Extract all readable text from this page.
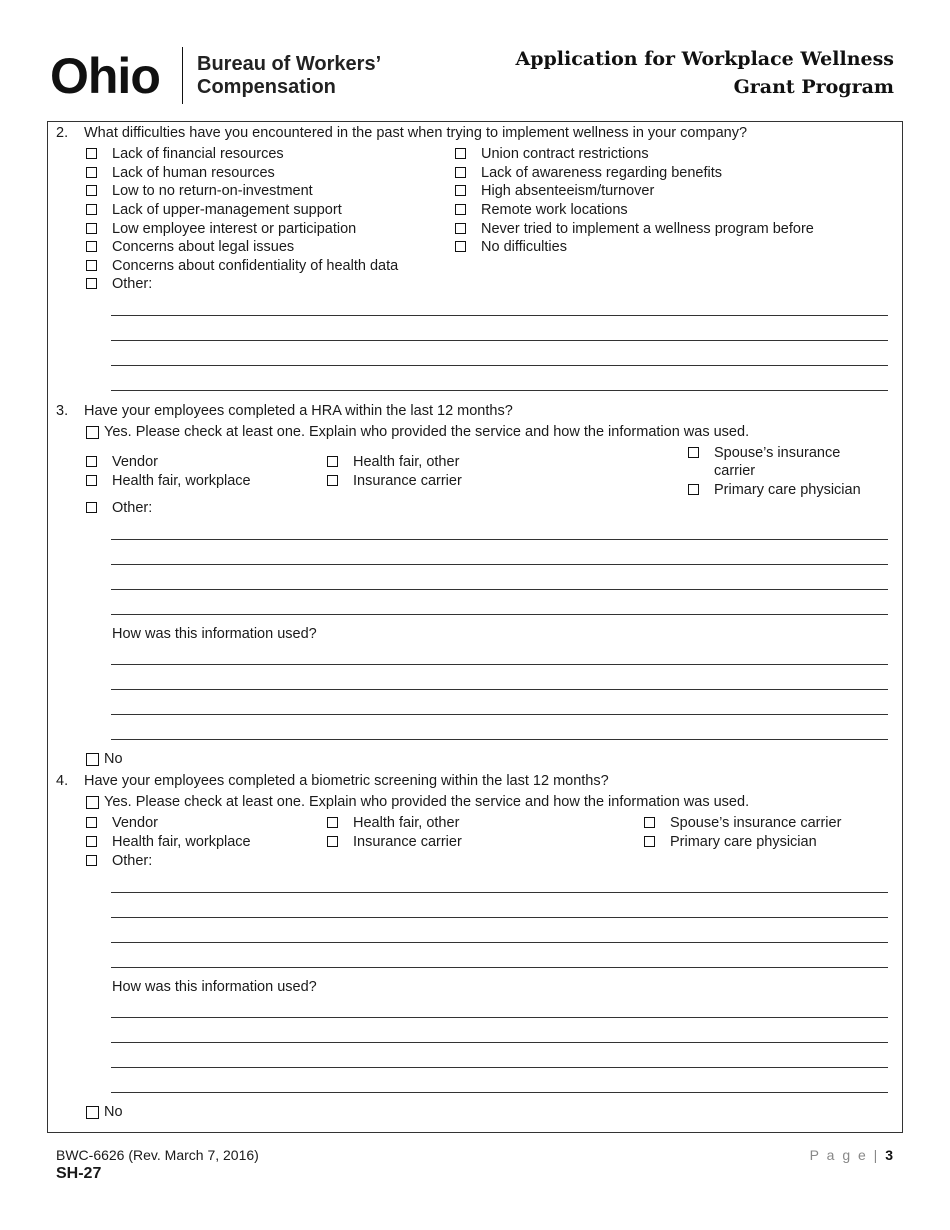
Ohio Bureau of Workers’
Compensation
Application for Workplace Wellness
Grant Program
2. What difficulties have you encountered in the past when trying to implement wellness in your company?
Lack of financial resources
Lack of human resources
Low to no return-on-investment
Lack of upper-management support
Low employee interest or participation
Concerns about legal issues
Concerns about confidentiality of health data
Other:
Union contract restrictions
Lack of awareness regarding benefits
High absenteeism/turnover
Remote work locations
Never tried to implement a wellness program before
No difficulties
3. Have your employees completed a HRA within the last 12 months?
Yes. Please check at least one. Explain who provided the service and how the information was used.
Vendor
Health fair, workplace
Health fair, other
Insurance carrier
Spouse’s insurance
carrier
Primary care physician
Other:
How was this information used?
No
4. Have your employees completed a biometric screening within the last 12 months?
Yes. Please check at least one. Explain who provided the service and how the information was used.
Vendor
Health fair, workplace
Other:
Health fair, other
Insurance carrier
Spouse’s insurance carrier
Primary care physician
How was this information used?
No
BWC-6626 (Rev. March 7, 2016)
SH-27
P a g e | 3
